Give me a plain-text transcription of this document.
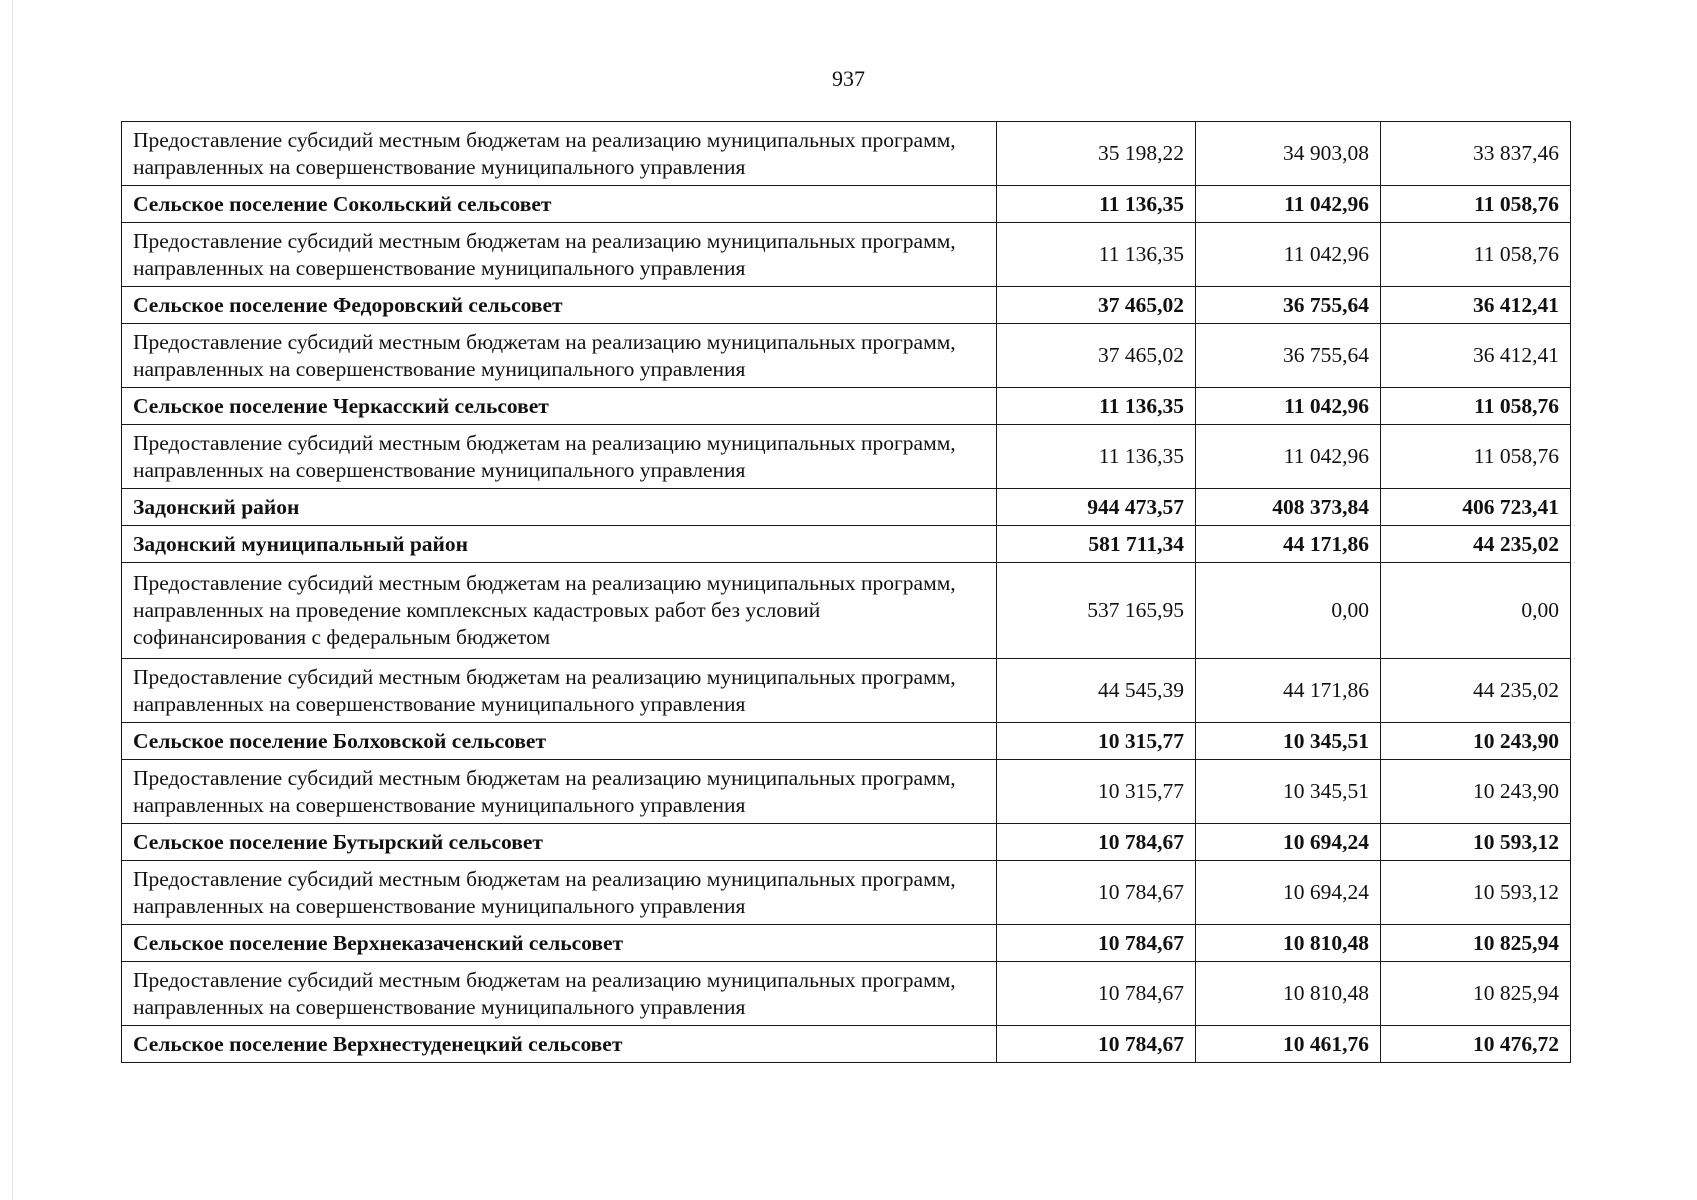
937
Предоставление субсидий местным бюджетам на реализацию муниципальных программ, направленных на совершенствование муниципального управления	35 198,22	34 903,08	33 837,46
Сельское поселение Сокольский сельсовет	11 136,35	11 042,96	11 058,76
Предоставление субсидий местным бюджетам на реализацию муниципальных программ, направленных на совершенствование муниципального управления	11 136,35	11 042,96	11 058,76
Сельское поселение Федоровский сельсовет	37 465,02	36 755,64	36 412,41
Предоставление субсидий местным бюджетам на реализацию муниципальных программ, направленных на совершенствование муниципального управления	37 465,02	36 755,64	36 412,41
Сельское поселение Черкасский сельсовет	11 136,35	11 042,96	11 058,76
Предоставление субсидий местным бюджетам на реализацию муниципальных программ, направленных на совершенствование муниципального управления	11 136,35	11 042,96	11 058,76
Задонский район	944 473,57	408 373,84	406 723,41
Задонский муниципальный район	581 711,34	44 171,86	44 235,02
Предоставление субсидий местным бюджетам на реализацию муниципальных программ, направленных на проведение комплексных кадастровых работ без условий софинансирования с федеральным бюджетом	537 165,95	0,00	0,00
Предоставление субсидий местным бюджетам на реализацию муниципальных программ, направленных на совершенствование муниципального управления	44 545,39	44 171,86	44 235,02
Сельское поселение Болховской сельсовет	10 315,77	10 345,51	10 243,90
Предоставление субсидий местным бюджетам на реализацию муниципальных программ, направленных на совершенствование муниципального управления	10 315,77	10 345,51	10 243,90
Сельское поселение Бутырский сельсовет	10 784,67	10 694,24	10 593,12
Предоставление субсидий местным бюджетам на реализацию муниципальных программ, направленных на совершенствование муниципального управления	10 784,67	10 694,24	10 593,12
Сельское поселение Верхнеказаченский сельсовет	10 784,67	10 810,48	10 825,94
Предоставление субсидий местным бюджетам на реализацию муниципальных программ, направленных на совершенствование муниципального управления	10 784,67	10 810,48	10 825,94
Сельское поселение Верхнестуденецкий сельсовет	10 784,67	10 461,76	10 476,72
